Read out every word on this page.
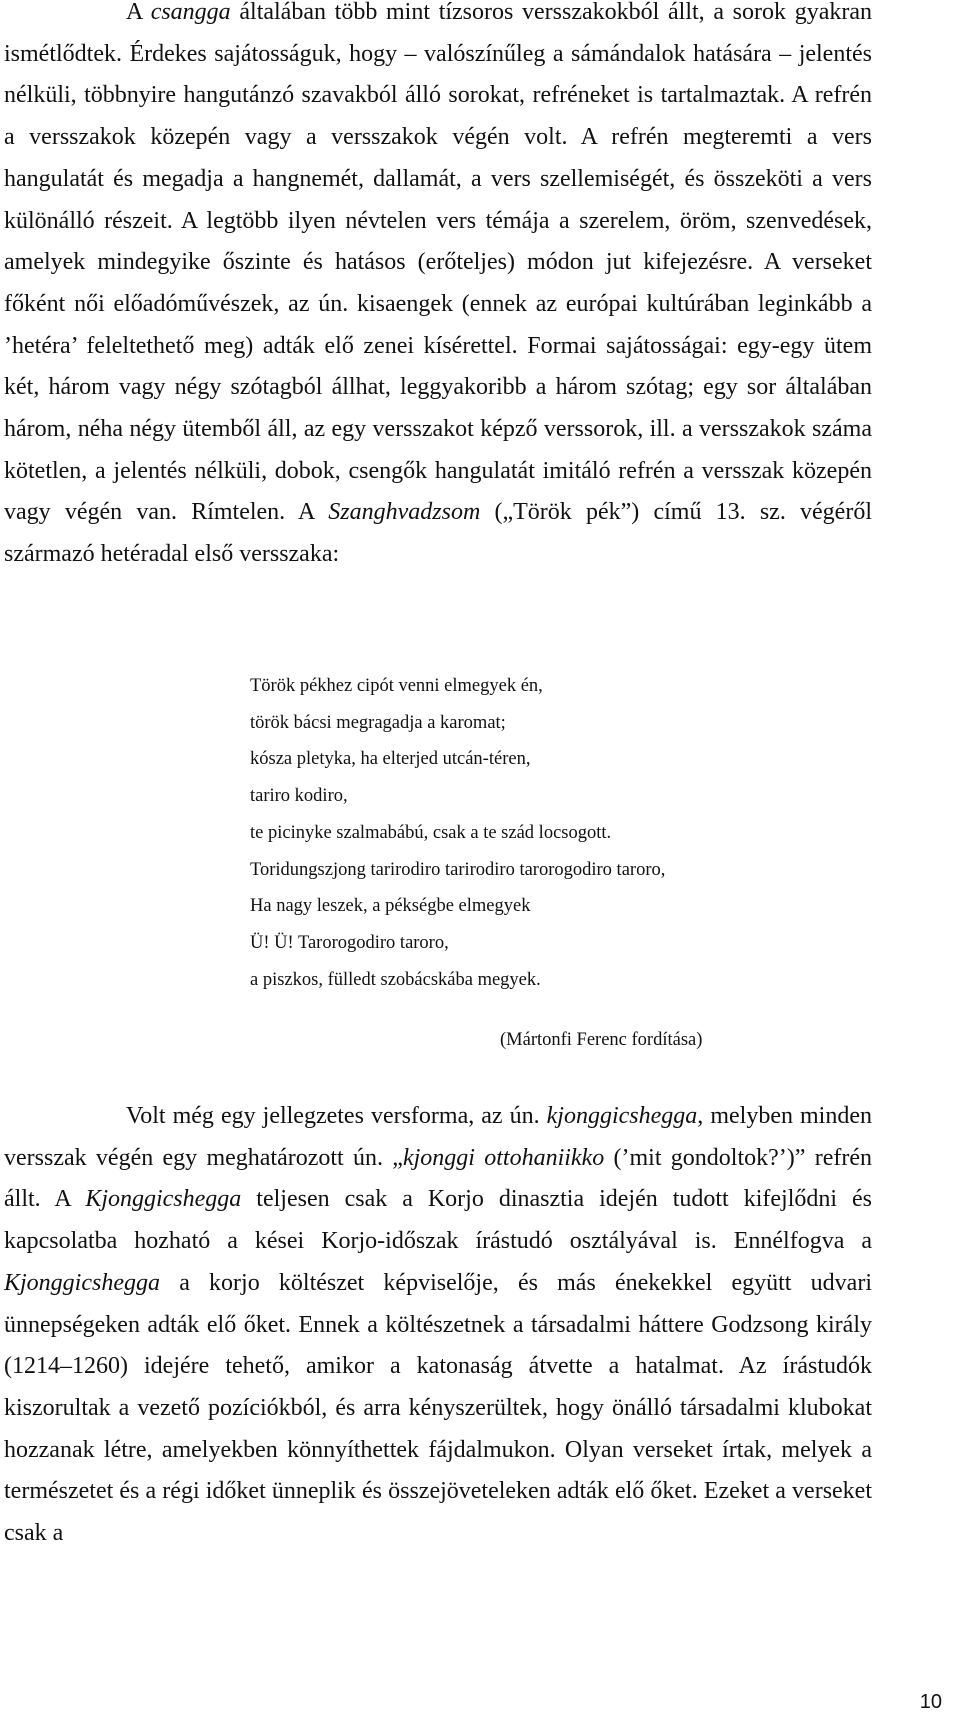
A csangga általában több mint tízsoros versszakokból állt, a sorok gyakran ismétlődtek. Érdekes sajátosságuk, hogy – valószínűleg a sámándalok hatására – jelentés nélküli, többnyire hangutánzó szavakból álló sorokat, refréneket is tartalmaztak. A refrén a versszakok közepén vagy a versszakok végén volt. A refrén megteremti a vers hangulatát és megadja a hangnemét, dallamát, a vers szellemiségét, és összeköti a vers különálló részeit. A legtöbb ilyen névtelen vers témája a szerelem, öröm, szenvedések, amelyek mindegyike őszinte és hatásos (erőteljes) módon jut kifejezésre. A verseket főként női előadóművészek, az ún. kisaengek (ennek az európai kultúrában leginkább a ’hetéra’ feleltethető meg) adták elő zenei kísérettel. Formai sajátosságai: egy-egy ütem két, három vagy négy szótagból állhat, leggyakoribb a három szótag; egy sor általában három, néha négy ütemből áll, az egy versszakot képző verssorok, ill. a versszakok száma kötetlen, a jelentés nélküli, dobok, csengők hangulatát imitáló refrén a versszak közepén vagy végén van. Rímtelen. A Szanghvadzsom („Török pék”) című 13. sz. végéről származó hetéradal első versszaka:

Török pékhez cipót venni elmegyek én,
török bácsi megragadja a karomat;
kósza pletyka, ha elterjed utcán-téren,
tariro kodiro,
te picinyke szalmabábú, csak a te szád locsogott.
Toridungszjong tarirodiro tarirodiro tarorogodiro taroro,
Ha nagy leszek, a pékségbe elmegyek
Ü! Ü! Tarorogodiro taroro,
a piszkos, fülledt szobácskába megyek.
(Mártonfi Ferenc fordítása)

Volt még egy jellegzetes versforma, az ún. kjonggicshegga, melyben minden versszak végén egy meghatározott ún. „kjonggi ottohaniikko (’mit gondoltok?’)” refrén állt. A Kjonggicshegga teljesen csak a Korjo dinasztia idején tudott kifejlődni és kapcsolatba hozható a kései Korjo-időszak írástudó osztályával is. Ennélfogva a Kjonggicshegga a korjo költészet képviselője, és más énekekkel együtt udvari ünnepségeken adták elő őket. Ennek a költészetnek a társadalmi háttere Godzsong király (1214–1260) idejére tehető, amikor a katonaság átvette a hatalmat. Az írástudók kiszorultak a vezető pozíciókból, és arra kényszerültek, hogy önálló társadalmi klubokat hozzanak létre, amelyekben könnyíthettek fájdalmukon. Olyan verseket írtak, melyek a természetet és a régi időket ünneplik és összejöveteleken adták elő őket. Ezeket a verseket csak a

10
